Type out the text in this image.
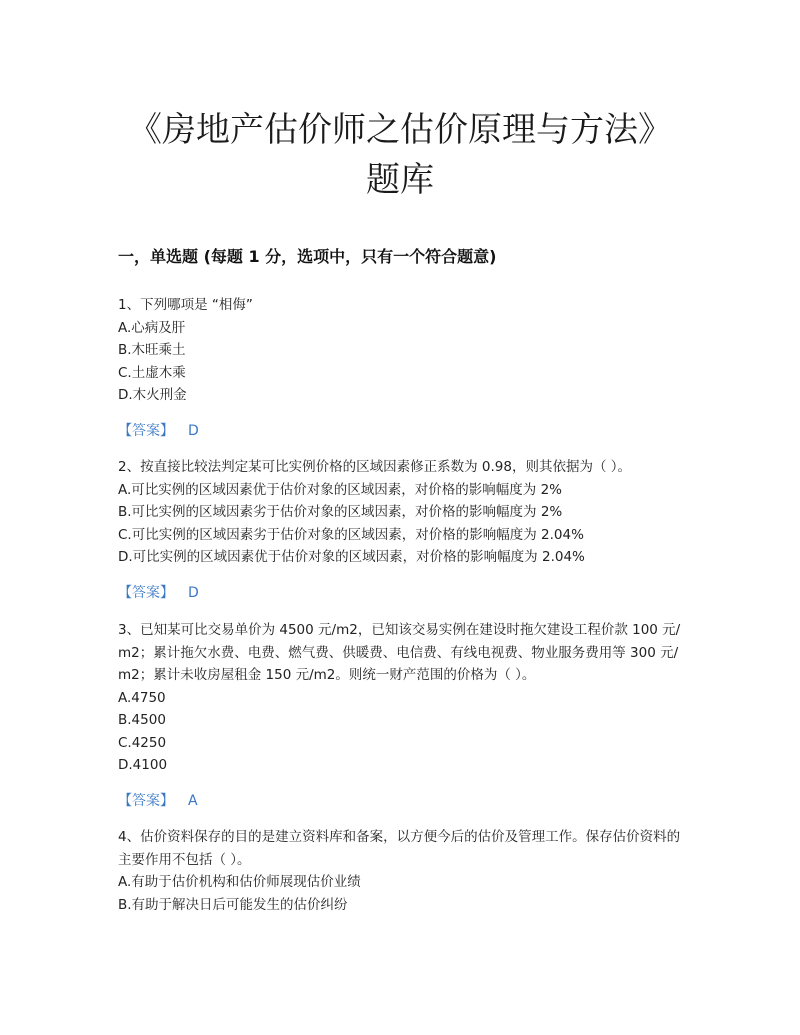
《房地产估价师之估价原理与方法》
题库
一，单选题 (每题 1 分，选项中，只有一个符合题意)
1、下列哪项是 “相侮”
A.心病及肝
B.木旺乘土
C.土虚木乘
D.木火刑金
【答案】 D
2、按直接比较法判定某可比实例价格的区域因素修正系数为 0.98，则其依据为（ ）。
A.可比实例的区域因素优于估价对象的区域因素，对价格的影响幅度为 2%
B.可比实例的区域因素劣于估价对象的区域因素，对价格的影响幅度为 2%
C.可比实例的区域因素劣于估价对象的区域因素，对价格的影响幅度为 2.04%
D.可比实例的区域因素优于估价对象的区域因素，对价格的影响幅度为 2.04%
【答案】 D
3、已知某可比交易单价为 4500 元/m2，已知该交易实例在建设时拖欠建设工程价款 100 元/m2；累计拖欠水费、电费、燃气费、供暖费、电信费、有线电视费、物业服务费用等 300 元/m2；累计未收房屋租金 150 元/m2。则统一财产范围的价格为（ ）。
A.4750
B.4500
C.4250
D.4100
【答案】 A
4、估价资料保存的目的是建立资料库和备案，以方便今后的估价及管理工作。保存估价资料的主要作用不包括（ ）。
A.有助于估价机构和估价师展现估价业绩
B.有助于解决日后可能发生的估价纠纷
